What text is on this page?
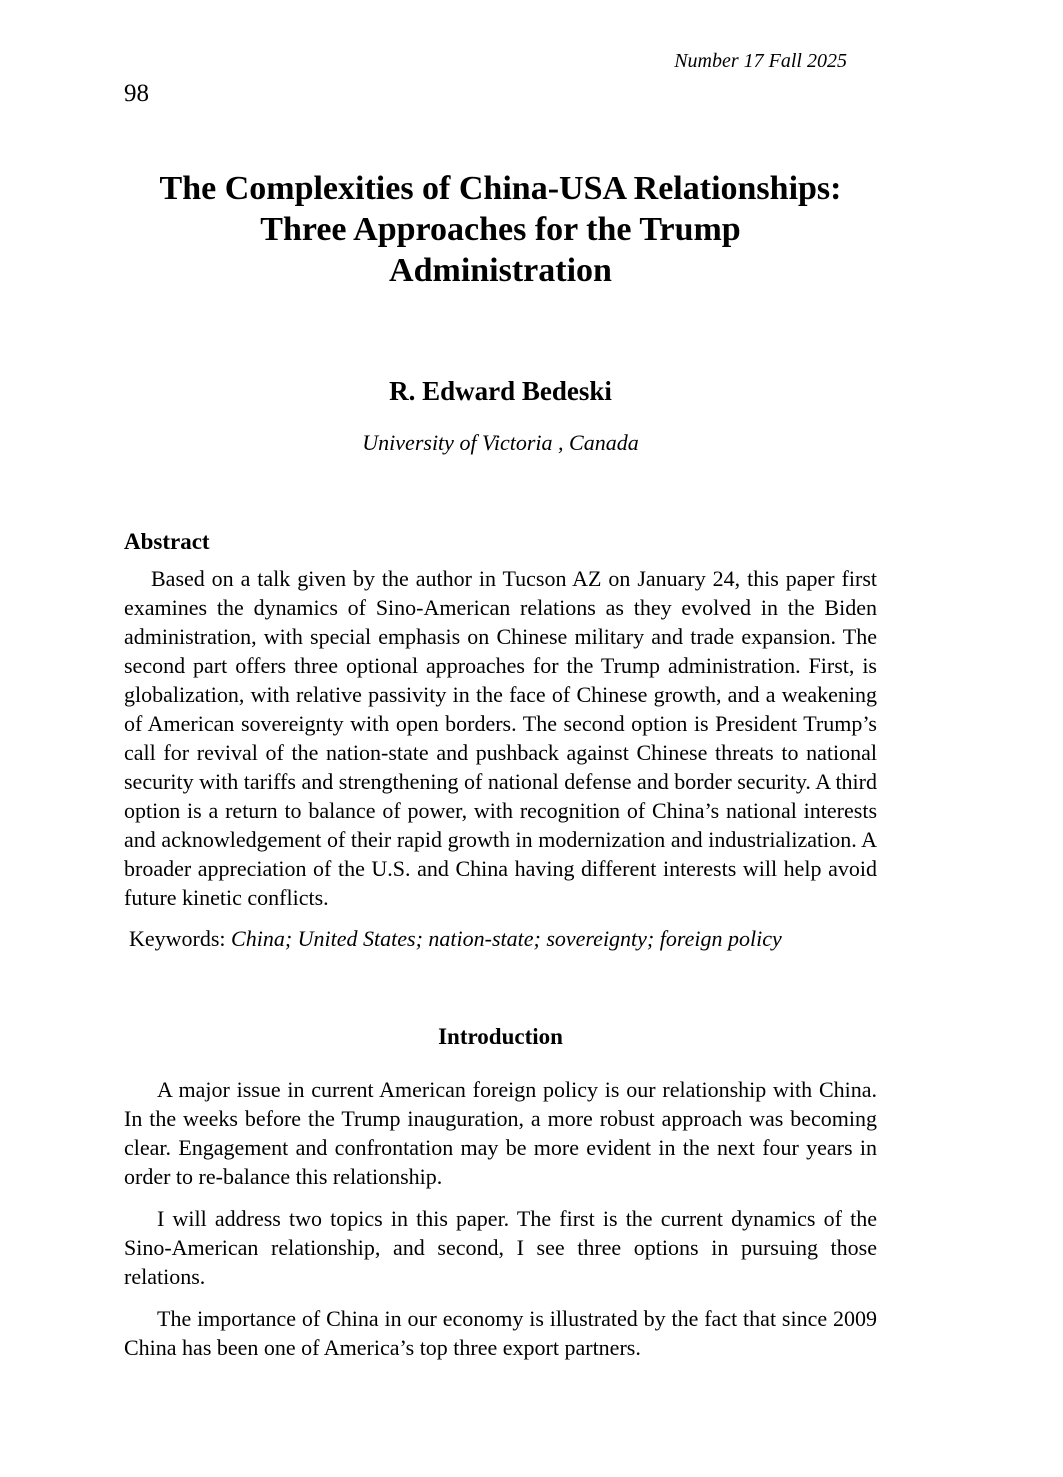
Number 17 Fall 2025
98
The Complexities of China-USA Relationships:
Three Approaches for the Trump
Administration
R. Edward Bedeski
University of Victoria , Canada
Abstract

Based on a talk given by the author in Tucson AZ on January 24, this paper first examines the dynamics of Sino-American relations as they evolved in the Biden administration, with special emphasis on Chinese military and trade expansion. The second part offers three optional approaches for the Trump administration. First, is globalization, with relative passivity in the face of Chinese growth, and a weakening of American sovereignty with open borders. The second option is President Trump’s call for revival of the nation-state and pushback against Chinese threats to national security with tariffs and strengthening of national defense and border security. A third option is a return to balance of power, with recognition of China’s national interests and acknowledgement of their rapid growth in modernization and industrialization. A broader appreciation of the U.S. and China having different interests will help avoid future kinetic conflicts.

Keywords: China; United States; nation-state; sovereignty; foreign policy

Introduction

A major issue in current American foreign policy is our relationship with China. In the weeks before the Trump inauguration, a more robust approach was becoming clear. Engagement and confrontation may be more evident in the next four years in order to re-balance this relationship.

I will address two topics in this paper. The first is the current dynamics of the Sino-American relationship, and second, I see three options in pursuing those relations.

The importance of China in our economy is illustrated by the fact that since 2009 China has been one of America’s top three export partners.
